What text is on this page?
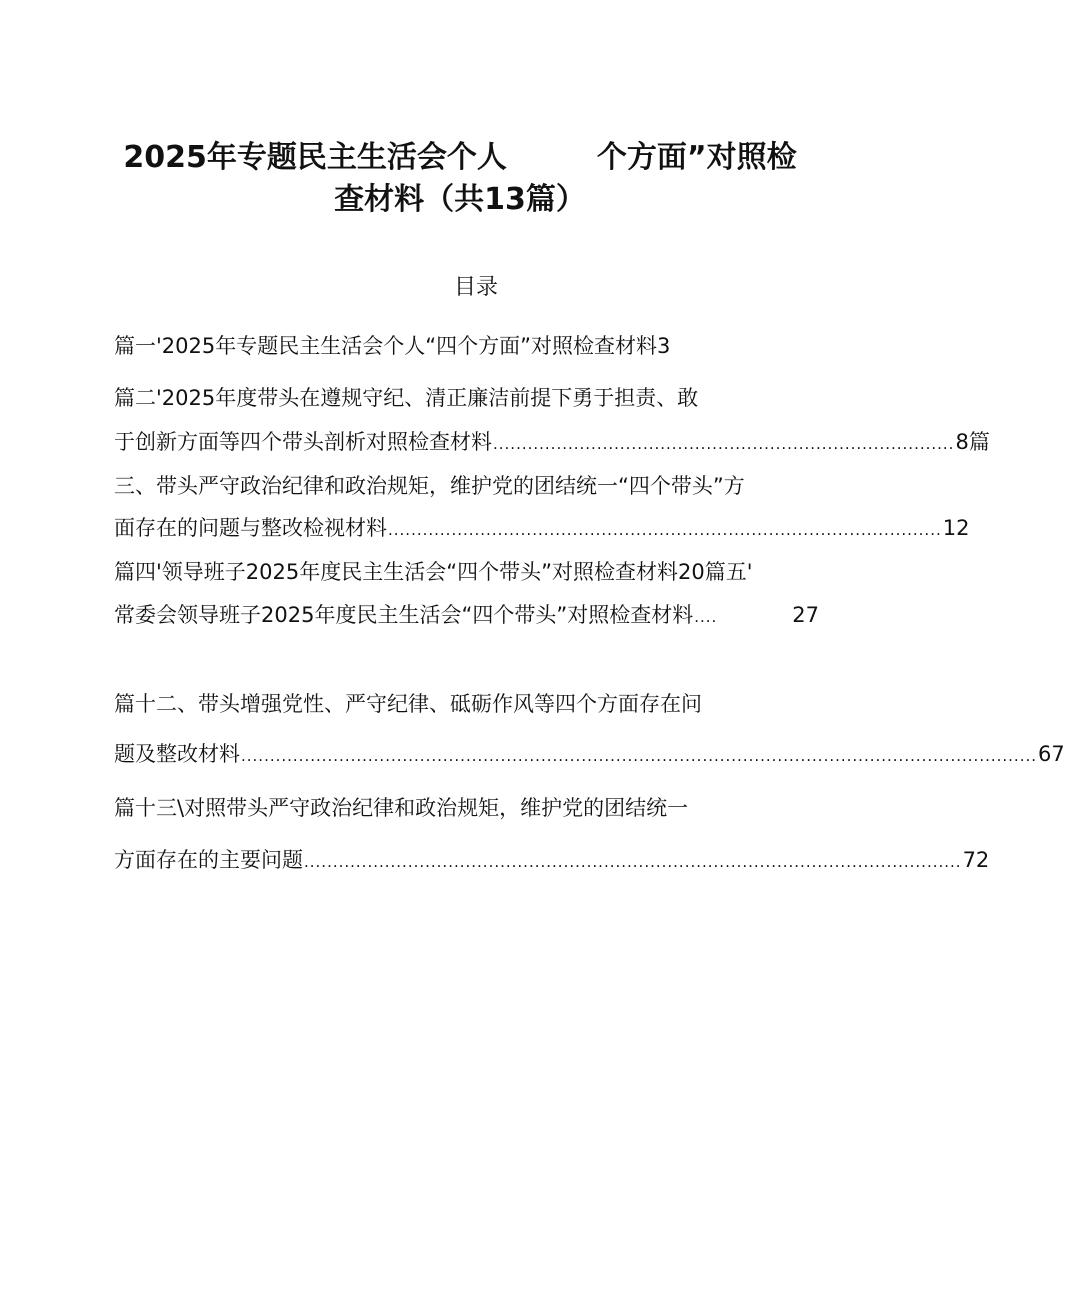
2025年专题民主生活会个人	个方面”对照检
查材料（共13篇）
目录
篇一'2025年专题民主生活会个人“四个方面”对照检查材料3
篇二'2025年度带头在遵规守纪、清正廉洁前提下勇于担责、敢
于创新方面等四个带头剖析对照检查材料 ................................................................................ 8篇
三、带头严守政治纪律和政治规矩，维护党的团结统一“四个带头”方
面存在的问题与整改检视材料 ................................................................................................ 12
篇四'领导班子2025年度民主生活会“四个带头”对照检查材料20篇五'
常委会领导班子2025年度民主生活会“四个带头”对照检查材料 ....	27
篇十二、带头增强党性、严守纪律、砥砺作风等四个方面存在问
题及整改材料 .......................................................................................................................................... 67
篇十三\对照带头严守政治纪律和政治规矩，维护党的团结统一
方面存在的主要问题 .................................................................................................................. 72
